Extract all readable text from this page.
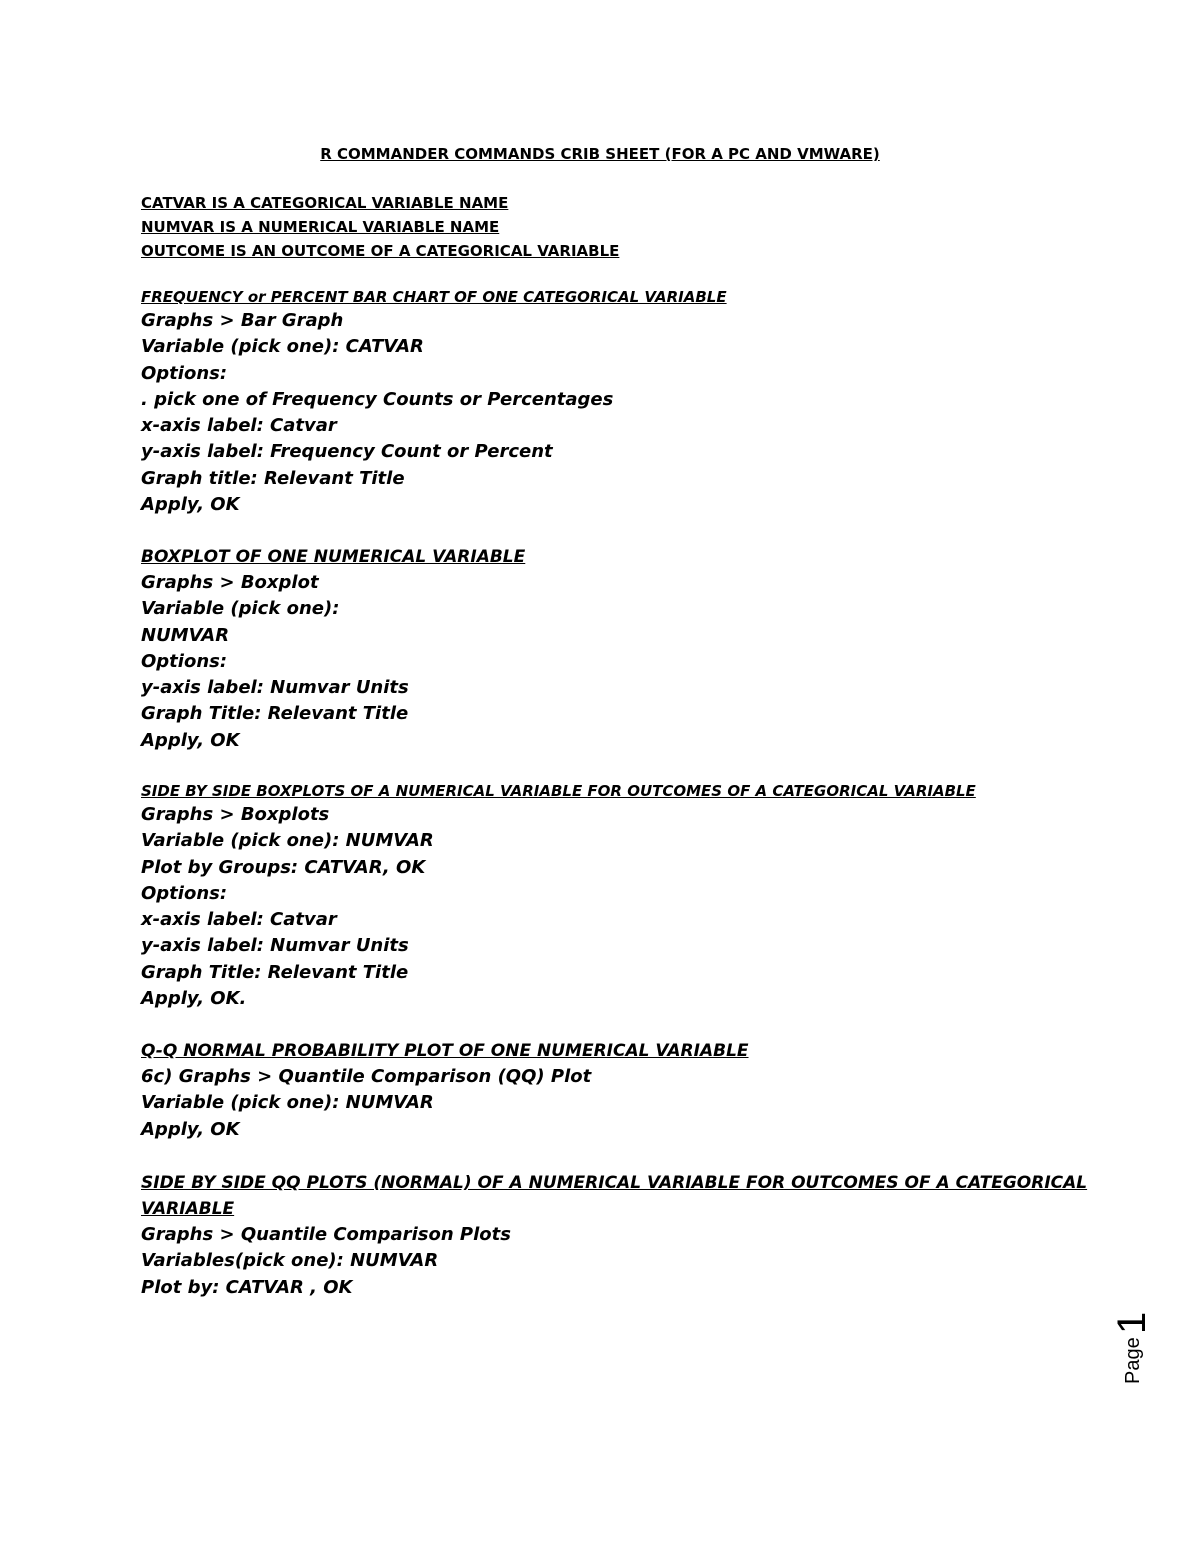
R COMMANDER COMMANDS CRIB SHEET (FOR A PC AND VMWARE)
CATVAR IS A CATEGORICAL VARIABLE NAME
NUMVAR IS A NUMERICAL VARIABLE NAME
OUTCOME IS AN OUTCOME OF A CATEGORICAL VARIABLE

FREQUENCY or PERCENT BAR CHART OF ONE CATEGORICAL VARIABLE

Graphs > Bar Graph

Variable (pick one): CATVAR

Options:

. pick one of Frequency Counts or Percentages

x-axis label: Catvar

y-axis label: Frequency Count or Percent

Graph title: Relevant Title

Apply, OK

BOXPLOT OF ONE NUMERICAL VARIABLE

Graphs > Boxplot

Variable (pick one):

NUMVAR

Options:

y-axis label: Numvar Units

Graph Title: Relevant Title

Apply, OK

SIDE BY SIDE BOXPLOTS OF A NUMERICAL VARIABLE FOR OUTCOMES OF A CATEGORICAL VARIABLE

Graphs > Boxplots

Variable (pick one): NUMVAR

Plot by Groups: CATVAR, OK

Options:

x-axis label: Catvar

y-axis label: Numvar Units

Graph Title: Relevant Title

Apply, OK.

Q-Q NORMAL PROBABILITY PLOT OF ONE NUMERICAL VARIABLE

6c) Graphs > Quantile Comparison (QQ) Plot

Variable (pick one): NUMVAR

Apply, OK

SIDE BY SIDE QQ PLOTS (NORMAL) OF A NUMERICAL VARIABLE FOR OUTCOMES OF A CATEGORICAL

VARIABLE

Graphs > Quantile Comparison Plots

Variables(pick one): NUMVAR

Plot by: CATVAR , OK

Page
1
